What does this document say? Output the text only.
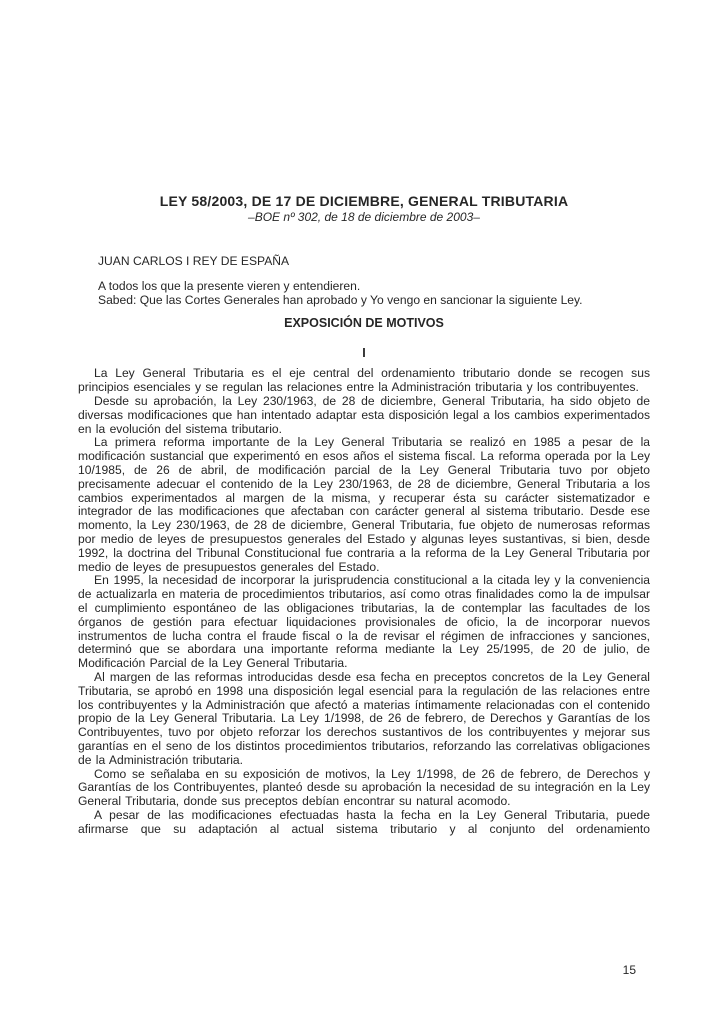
LEY 58/2003, DE 17 DE DICIEMBRE, GENERAL TRIBUTARIA
–BOE nº 302, de 18 de diciembre de 2003–
JUAN CARLOS I REY DE ESPAÑA

A todos los que la presente vieren y entendieren.

Sabed: Que las Cortes Generales han aprobado y Yo vengo en sancionar la siguiente Ley.

EXPOSICIÓN DE MOTIVOS
I

La Ley General Tributaria es el eje central del ordenamiento tributario donde se recogen sus principios esenciales y se regulan las relaciones entre la Administración tributaria y los contribuyentes.

Desde su aprobación, la Ley 230/1963, de 28 de diciembre, General Tributaria, ha sido objeto de diversas modificaciones que han intentado adaptar esta disposición legal a los cambios experimentados en la evolución del sistema tributario.

La primera reforma importante de la Ley General Tributaria se realizó en 1985 a pesar de la modificación sustancial que experimentó en esos años el sistema fiscal. La reforma operada por la Ley 10/1985, de 26 de abril, de modificación parcial de la Ley General Tributaria tuvo por objeto precisamente adecuar el contenido de la Ley 230/1963, de 28 de diciembre, General Tributaria a los cambios experimentados al margen de la misma, y recuperar ésta su carácter sistematizador e integrador de las modificaciones que afectaban con carácter general al sistema tributario. Desde ese momento, la Ley 230/1963, de 28 de diciembre, General Tributaria, fue objeto de numerosas reformas por medio de leyes de presupuestos generales del Estado y algunas leyes sustantivas, si bien, desde 1992, la doctrina del Tribunal Constitucional fue contraria a la reforma de la Ley General Tributaria por medio de leyes de presupuestos generales del Estado.

En 1995, la necesidad de incorporar la jurisprudencia constitucional a la citada ley y la conveniencia de actualizarla en materia de procedimientos tributarios, así como otras finalidades como la de impulsar el cumplimiento espontáneo de las obligaciones tributarias, la de contemplar las facultades de los órganos de gestión para efectuar liquidaciones provisionales de oficio, la de incorporar nuevos instrumentos de lucha contra el fraude fiscal o la de revisar el régimen de infracciones y sanciones, determinó que se abordara una importante reforma mediante la Ley 25/1995, de 20 de julio, de Modificación Parcial de la Ley General Tributaria.

Al margen de las reformas introducidas desde esa fecha en preceptos concretos de la Ley General Tributaria, se aprobó en 1998 una disposición legal esencial para la regulación de las relaciones entre los contribuyentes y la Administración que afectó a materias íntimamente relacionadas con el contenido propio de la Ley General Tributaria. La Ley 1/1998, de 26 de febrero, de Derechos y Garantías de los Contribuyentes, tuvo por objeto reforzar los derechos sustantivos de los contribuyentes y mejorar sus garantías en el seno de los distintos procedimientos tributarios, reforzando las correlativas obligaciones de la Administración tributaria.

Como se señalaba en su exposición de motivos, la Ley 1/1998, de 26 de febrero, de Derechos y Garantías de los Contribuyentes, planteó desde su aprobación la necesidad de su integración en la Ley General Tributaria, donde sus preceptos debían encontrar su natural acomodo.

A pesar de las modificaciones efectuadas hasta la fecha en la Ley General Tributaria, puede afirmarse que su adaptación al actual sistema tributario y al conjunto del ordenamiento

15
